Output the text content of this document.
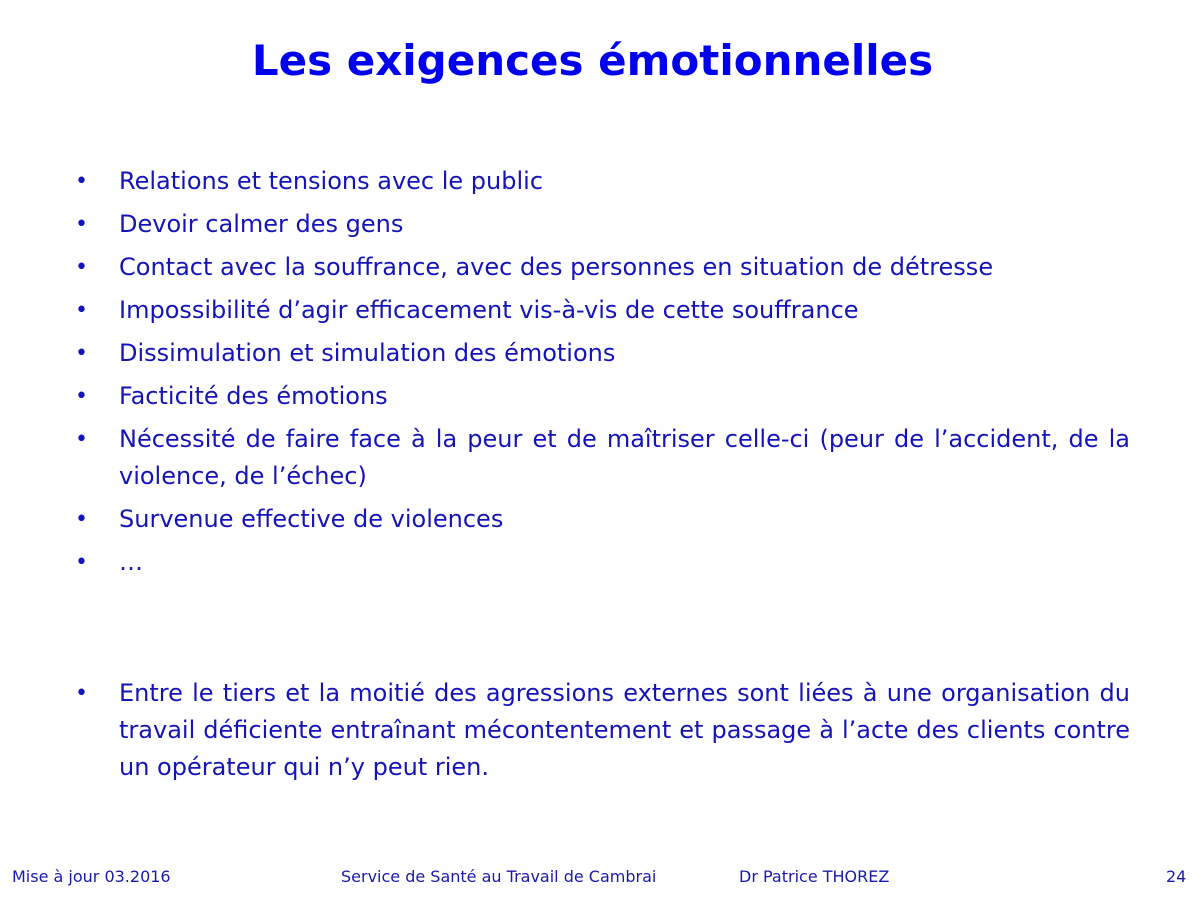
Les exigences émotionnelles
• Relations et tensions avec le public
• Devoir calmer des gens
• Contact avec la souffrance, avec des personnes en situation de détresse
• Impossibilité d’agir efficacement vis-à-vis de cette souffrance
• Dissimulation et simulation des émotions
• Facticité des émotions
• Nécessité de faire face à la peur et de maîtriser celle-ci (peur de l’accident, de la violence, de l’échec)
• Survenue effective de violences
• …
• Entre le tiers et la moitié des agressions externes sont liées à une organisation du travail déficiente entraînant mécontentement et passage à l’acte des clients contre un opérateur qui n’y peut rien.
Mise à jour 03.2016	Service de Santé au Travail de Cambrai	Dr Patrice THOREZ	24
